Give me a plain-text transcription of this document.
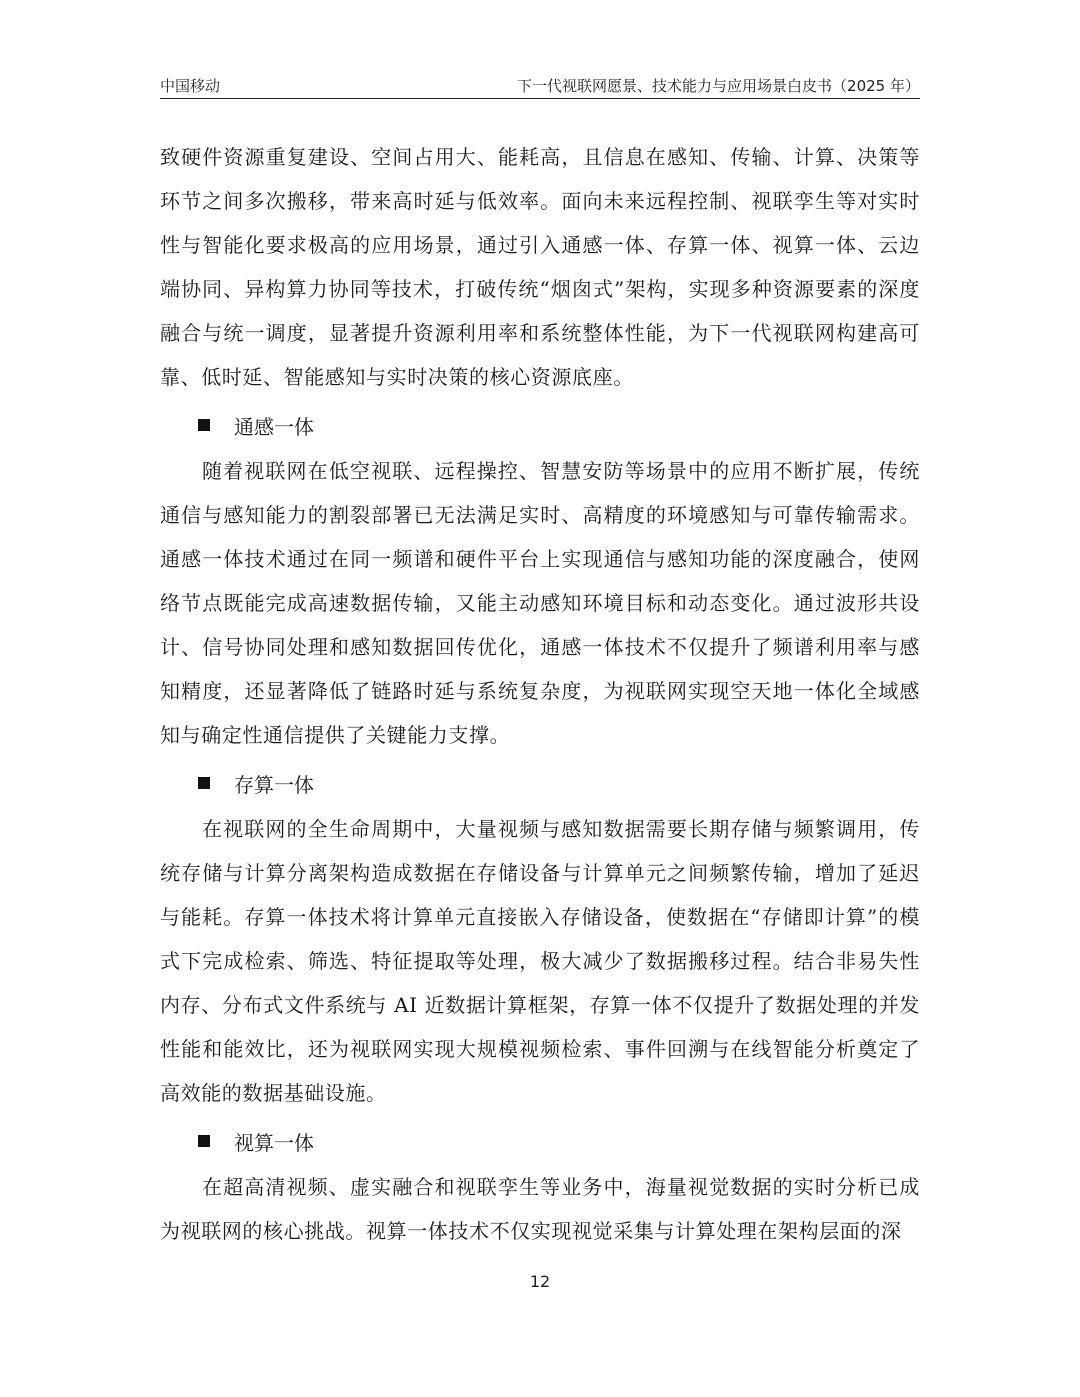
中国移动	下一代视联网愿景、技术能力与应用场景白皮书（2025 年）

致硬件资源重复建设、空间占用大、能耗高，且信息在感知、传输、计算、决策等环节之间多次搬移，带来高时延与低效率。面向未来远程控制、视联孪生等对实时性与智能化要求极高的应用场景，通过引入通感一体、存算一体、视算一体、云边端协同、异构算力协同等技术，打破传统“烟囱式”架构，实现多种资源要素的深度融合与统一调度，显著提升资源利用率和系统整体性能，为下一代视联网构建高可靠、低时延、智能感知与实时决策的核心资源底座。

通感一体

随着视联网在低空视联、远程操控、智慧安防等场景中的应用不断扩展，传统通信与感知能力的割裂部署已无法满足实时、高精度的环境感知与可靠传输需求。通感一体技术通过在同一频谱和硬件平台上实现通信与感知功能的深度融合，使网络节点既能完成高速数据传输，又能主动感知环境目标和动态变化。通过波形共设计、信号协同处理和感知数据回传优化，通感一体技术不仅提升了频谱利用率与感知精度，还显著降低了链路时延与系统复杂度，为视联网实现空天地一体化全域感知与确定性通信提供了关键能力支撑。

存算一体

在视联网的全生命周期中，大量视频与感知数据需要长期存储与频繁调用，传统存储与计算分离架构造成数据在存储设备与计算单元之间频繁传输，增加了延迟与能耗。存算一体技术将计算单元直接嵌入存储设备，使数据在“存储即计算”的模式下完成检索、筛选、特征提取等处理，极大减少了数据搬移过程。结合非易失性内存、分布式文件系统与 AI 近数据计算框架，存算一体不仅提升了数据处理的并发性能和能效比，还为视联网实现大规模视频检索、事件回溯与在线智能分析奠定了高效能的数据基础设施。

视算一体

在超高清视频、虚实融合和视联孪生等业务中，海量视觉数据的实时分析已成为视联网的核心挑战。视算一体技术不仅实现视觉采集与计算处理在架构层面的深

12
